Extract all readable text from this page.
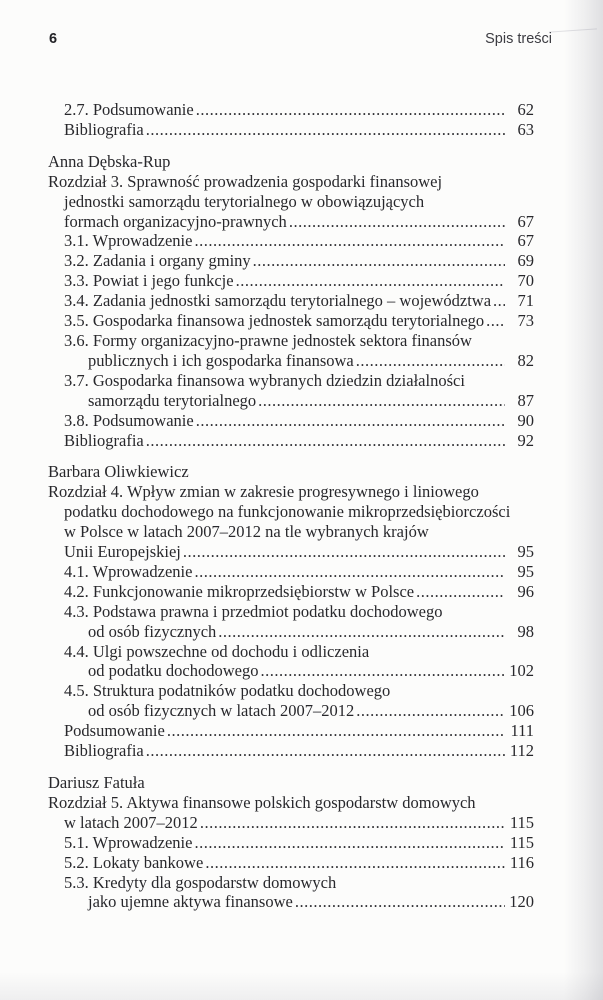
6	Spis treści
2.7. Podsumowanie .....	62
Bibliografia .....	63
Anna Dębska-Rup
Rozdział 3. Sprawność prowadzenia gospodarki finansowej
jednostki samorządu terytorialnego w obowiązujących
formach organizacyjno-prawnych .....	67
3.1. Wprowadzenie .....	67
3.2. Zadania i organy gminy .....	69
3.3. Powiat i jego funkcje .....	70
3.4. Zadania jednostki samorządu terytorialnego – województwa .....	71
3.5. Gospodarka finansowa jednostek samorządu terytorialnego .....	73
3.6. Formy organizacyjno-prawne jednostek sektora finansów
publicznych i ich gospodarka finansowa .....	82
3.7. Gospodarka finansowa wybranych dziedzin działalności
samorządu terytorialnego .....	87
3.8. Podsumowanie .....	90
Bibliografia .....	92
Barbara Oliwkiewicz
Rozdział 4. Wpływ zmian w zakresie progresywnego i liniowego
podatku dochodowego na funkcjonowanie mikroprzedsiębiorczości
w Polsce w latach 2007–2012 na tle wybranych krajów
Unii Europejskiej .....	95
4.1. Wprowadzenie .....	95
4.2. Funkcjonowanie mikroprzedsiębiorstw w Polsce .....	96
4.3. Podstawa prawna i przedmiot podatku dochodowego
od osób fizycznych .....	98
4.4. Ulgi powszechne od dochodu i odliczenia
od podatku dochodowego .....	102
4.5. Struktura podatników podatku dochodowego
od osób fizycznych w latach 2007–2012 .....	106
Podsumowanie .....	111
Bibliografia .....	112
Dariusz Fatuła
Rozdział 5. Aktywa finansowe polskich gospodarstw domowych
w latach 2007–2012 .....	115
5.1. Wprowadzenie .....	115
5.2. Lokaty bankowe .....	116
5.3. Kredyty dla gospodarstw domowych
jako ujemne aktywa finansowe .....	120
